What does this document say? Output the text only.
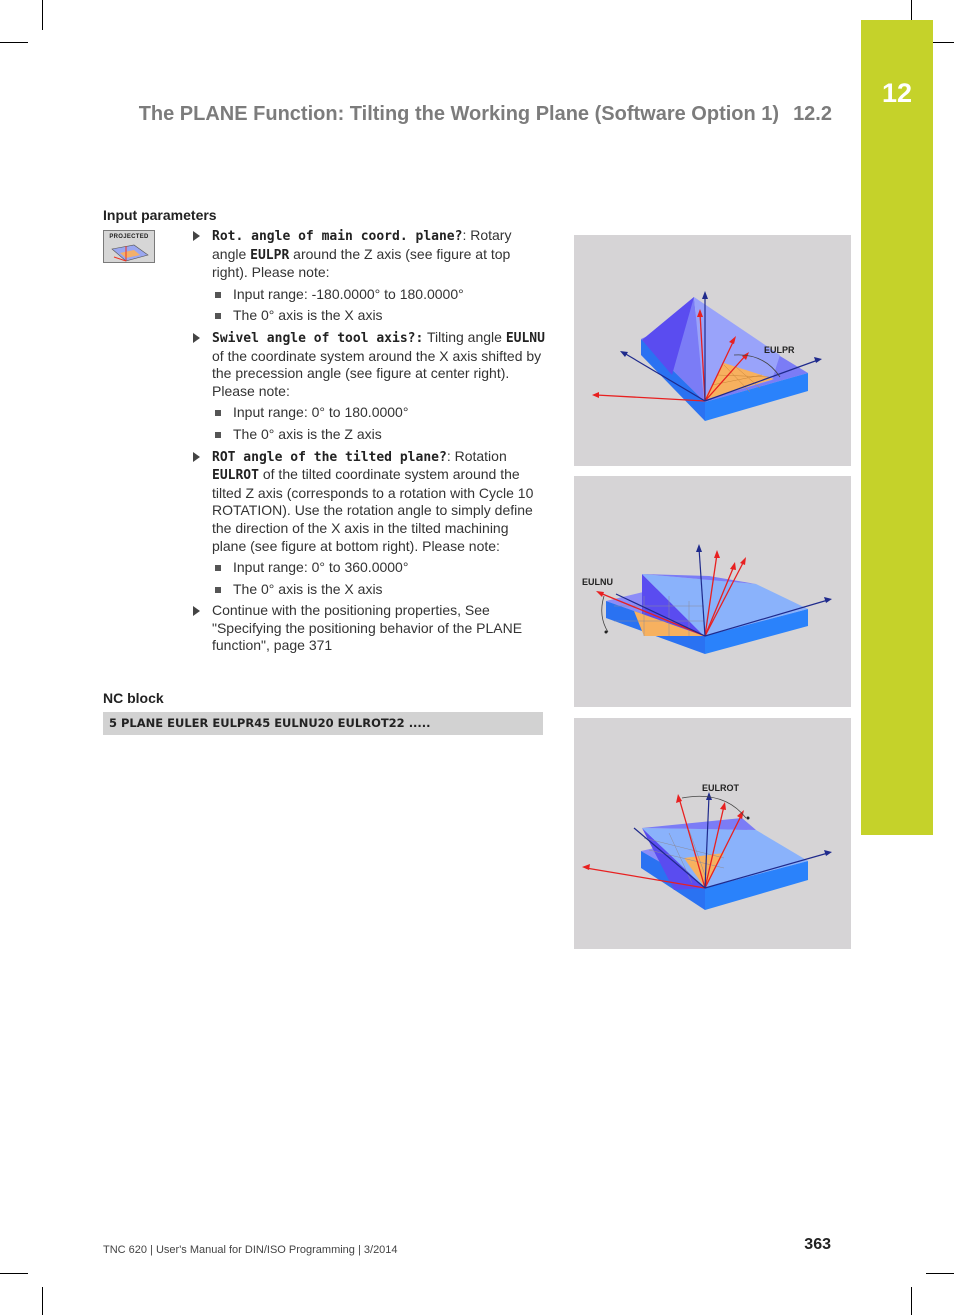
12
The PLANE Function: Tilting the Working Plane (Software Option 1) 12.2
Input parameters
PROJECTED	Rot. angle of main coord. plane?: Rotary angle EULPR around the Z axis (see figure at top right). Please note:
Input range: -180.0000° to 180.0000°
The 0° axis is the X axis
Swivel angle of tool axis?: Tilting angle EULNU of the coordinate system around the X axis shifted by the precession angle (see figure at center right). Please note:
Input range: 0° to 180.0000°
The 0° axis is the Z axis
ROT angle of the tilted plane?: Rotation EULROT of the tilted coordinate system around the tilted Z axis (corresponds to a rotation with Cycle 10 ROTATION). Use the rotation angle to simply define the direction of the X axis in the tilted machining plane (see figure at bottom right). Please note:
Input range: 0° to 360.0000°
The 0° axis is the X axis
Continue with the positioning properties, See "Specifying the positioning behavior of the PLANE function", page 371
NC block
5 PLANE EULER EULPR45 EULNU20 EULROT22 .....
EULPR
EULNU
EULROT
TNC 620 | User's Manual for DIN/ISO Programming | 3/2014	363
